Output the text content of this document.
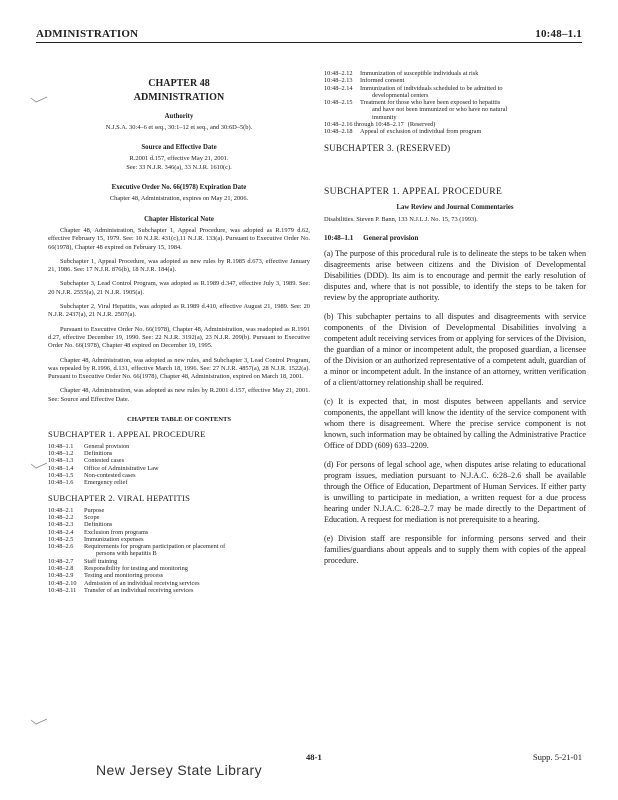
ADMINISTRATION	10:48–1.1
CHAPTER 48
ADMINISTRATION
Authority
N.J.S.A. 30:4–6 et seq., 30:1–12 et seq., and 30:6D–5(b).
Source and Effective Date
R.2001 d.157, effective May 21, 2001.
See: 33 N.J.R. 346(a), 33 N.J.R. 1610(c).
Executive Order No. 66(1978) Expiration Date
Chapter 48, Administration, expires on May 21, 2006.
Chapter Historical Note

Chapter 48, Administration, Subchapter 1, Appeal Procedure, was adopted as R.1979 d.62, effective February 15, 1979. See: 10 N.J.R. 431(c),11 N.J.R. 133(a). Pursuant to Executive Order No. 66(1978), Chapter 48 expired on February 15, 1984.

Subchapter 1, Appeal Procedure, was adopted as new rules by R.1985 d.673, effective January 21, 1986. See: 17 N.J.R. 876(b), 18 N.J.R. 184(a).

Subchapter 3, Lead Control Program, was adopted as R.1989 d.347, effective July 3, 1989. See: 20 N.J.R. 2555(a), 21 N.J.R. 1905(a).

Subchapter 2, Viral Hepatitis, was adopted as R.1989 d.410, effective August 21, 1989. See: 20 N.J.R. 2437(a), 21 N.J.R. 2507(a).

Pursuant to Executive Order No. 66(1978), Chapter 48, Administration, was readopted as R.1991 d.27, effective December 19, 1990. See: 22 N.J.R. 3192(a), 23 N.J.R. 209(b). Pursuant to Executive Order No. 66(1978), Chapter 48 expired on December 19, 1995.

Chapter 48, Administration, was adopted as new rules, and Subchapter 3, Lead Control Program, was repealed by R.1996, d.131, effective March 18, 1996. See: 27 N.J.R. 4857(a), 28 N.J.R. 1522(a). Pursuant to Executive Order No. 66(1978), Chapter 48, Administration, expired on March 18, 2001.

Chapter 48, Administration, was adopted as new rules by R.2001 d.157, effective May 21, 2001. See: Source and Effective Date.

CHAPTER TABLE OF CONTENTS
SUBCHAPTER 1. APPEAL PROCEDURE
10:48–1.1	General provision
10:48–1.2	Definitions
10:48–1.3	Contested cases
10:48–1.4	Office of Administrative Law
10:48–1.5	Non-contested cases
10:48–1.6	Emergency relief
SUBCHAPTER 2. VIRAL HEPATITIS
10:48–2.1	Purpose
10:48–2.2	Scope
10:48–2.3	Definitions
10:48–2.4	Exclusion from programs
10:48–2.5	Immunization expenses
10:48–2.6	Requirements for program participation or placement of
persons with hepatitis B
10:48–2.7	Staff training
10:48–2.8	Responsibility for testing and monitoring
10:48–2.9	Testing and monitoring process
10:48–2.10	Admission of an individual receiving services
10:48–2.11	Transfer of an individual receiving services
10:48–2.12	Immunization of susceptible individuals at risk
10:48–2.13	Informed consent
10:48–2.14	Immunization of individuals scheduled to be admitted to
developmental centers
10:48–2.15	Treatment for those who have been exposed to hepatitis
and have not been immunized or who have no natural
immunity
10:48–2.16 through 10:48–2.17 (Reserved)
10:48–2.18	Appeal of exclusion of individual from program
SUBCHAPTER 3. (RESERVED)
SUBCHAPTER 1. APPEAL PROCEDURE
Law Review and Journal Commentaries
Disabilities. Steven P. Bann, 133 N.J.L.J. No. 15, 73 (1993).
10:48–1.1 General provision

(a) The purpose of this procedural rule is to delineate the steps to be taken when disagreements arise between citizens and the Division of Developmental Disabilities (DDD). Its aim is to encourage and permit the early resolution of disputes and, where that is not possible, to identify the steps to be taken for review by the appropriate authority.

(b) This subchapter pertains to all disputes and disagreements with service components of the Division of Developmental Disabilities involving a competent adult receiving services from or applying for services of the Division, the guardian of a minor or incompetent adult, the proposed guardian, a licensee of the Division or an authorized representative of a competent adult, guardian of a minor or incompetent adult. In the instance of an attorney, written verification of a client/attorney relationship shall be required.

(c) It is expected that, in most disputes between appellants and service components, the appellant will know the identity of the service component with whom there is disagreement. Where the precise service component is not known, such information may be obtained by calling the Administrative Practice Office of DDD (609) 633–2209.

(d) For persons of legal school age, when disputes arise relating to educational program issues, mediation pursuant to N.J.A.C. 6:28–2.6 shall be available through the Office of Education, Department of Human Services. If either party is unwilling to participate in mediation, a written request for a due process hearing under N.J.A.C. 6:28–2.7 may be made directly to the Department of Education. A request for mediation is not prerequisite to a hearing.

(e) Division staff are responsible for informing persons served and their families/guardians about appeals and to supply them with copies of the appeal procedure.

48-1	Supp. 5-21-01
New Jersey State Library
